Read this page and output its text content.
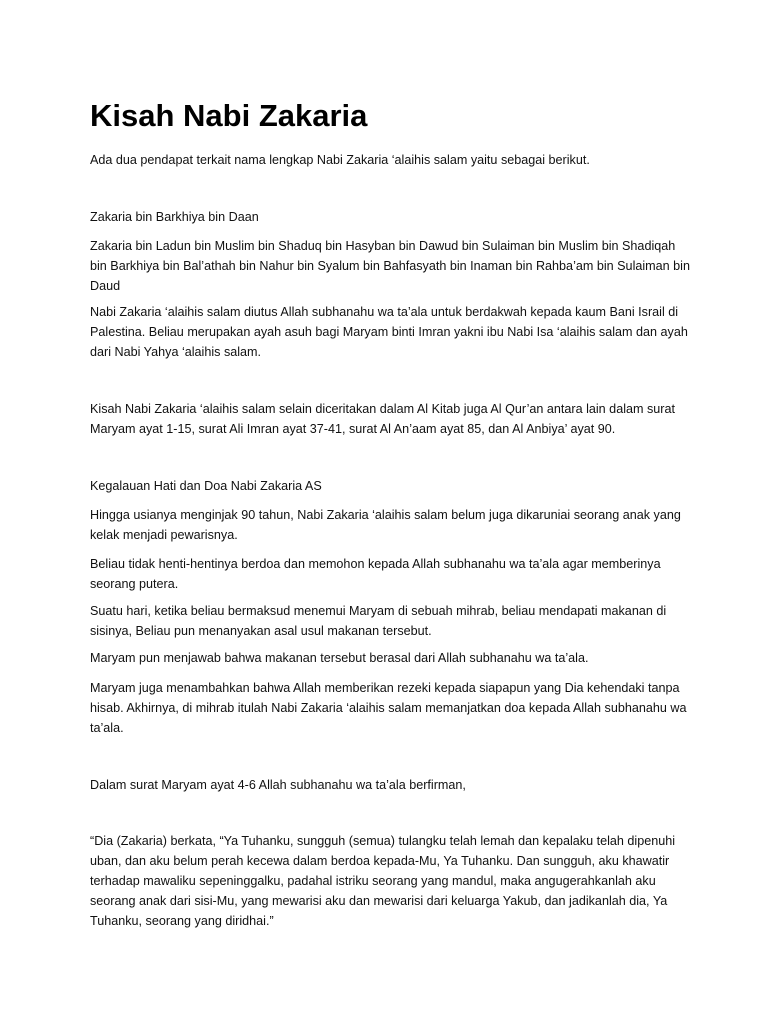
Kisah Nabi Zakaria

Ada dua pendapat terkait nama lengkap Nabi Zakaria ‘alaihis salam yaitu sebagai berikut.

Zakaria bin Barkhiya bin Daan

Zakaria bin Ladun bin Muslim bin Shaduq bin Hasyban bin Dawud bin Sulaiman bin Muslim bin Shadiqah bin Barkhiya bin Bal’athah bin Nahur bin Syalum bin Bahfasyath bin Inaman bin Rahba’am bin Sulaiman bin Daud

Nabi Zakaria ‘alaihis salam diutus Allah subhanahu wa ta’ala untuk berdakwah kepada kaum Bani Israil di Palestina. Beliau merupakan ayah asuh bagi Maryam binti Imran yakni ibu Nabi Isa ‘alaihis salam dan ayah dari Nabi Yahya ‘alaihis salam.

Kisah Nabi Zakaria ‘alaihis salam selain diceritakan dalam Al Kitab juga Al Qur’an antara lain dalam surat Maryam ayat 1-15, surat Ali Imran ayat 37-41, surat Al An’aam ayat 85, dan Al Anbiya’ ayat 90.

Kegalauan Hati dan Doa Nabi Zakaria AS

Hingga usianya menginjak 90 tahun, Nabi Zakaria ‘alaihis salam belum juga dikaruniai seorang anak yang kelak menjadi pewarisnya.

Beliau tidak henti-hentinya berdoa dan memohon kepada Allah subhanahu wa ta’ala agar memberinya seorang putera.

Suatu hari, ketika beliau bermaksud menemui Maryam di sebuah mihrab, beliau mendapati makanan di sisinya, Beliau pun menanyakan asal usul makanan tersebut.

Maryam pun menjawab bahwa makanan tersebut berasal dari Allah subhanahu wa ta’ala.

Maryam juga menambahkan bahwa Allah memberikan rezeki kepada siapapun yang Dia kehendaki tanpa hisab. Akhirnya, di mihrab itulah Nabi Zakaria ‘alaihis salam memanjatkan doa kepada Allah subhanahu wa ta’ala.

Dalam surat Maryam ayat 4-6 Allah subhanahu wa ta’ala berfirman,

“Dia (Zakaria) berkata, “Ya Tuhanku, sungguh (semua) tulangku telah lemah dan kepalaku telah dipenuhi uban, dan aku belum perah kecewa dalam berdoa kepada-Mu, Ya Tuhanku. Dan sungguh, aku khawatir terhadap mawaliku sepeninggalku, padahal istriku seorang yang mandul, maka angugerahkanlah aku seorang anak dari sisi-Mu, yang mewarisi aku dan mewarisi dari keluarga Yakub, dan jadikanlah dia, Ya Tuhanku, seorang yang diridhai.”
